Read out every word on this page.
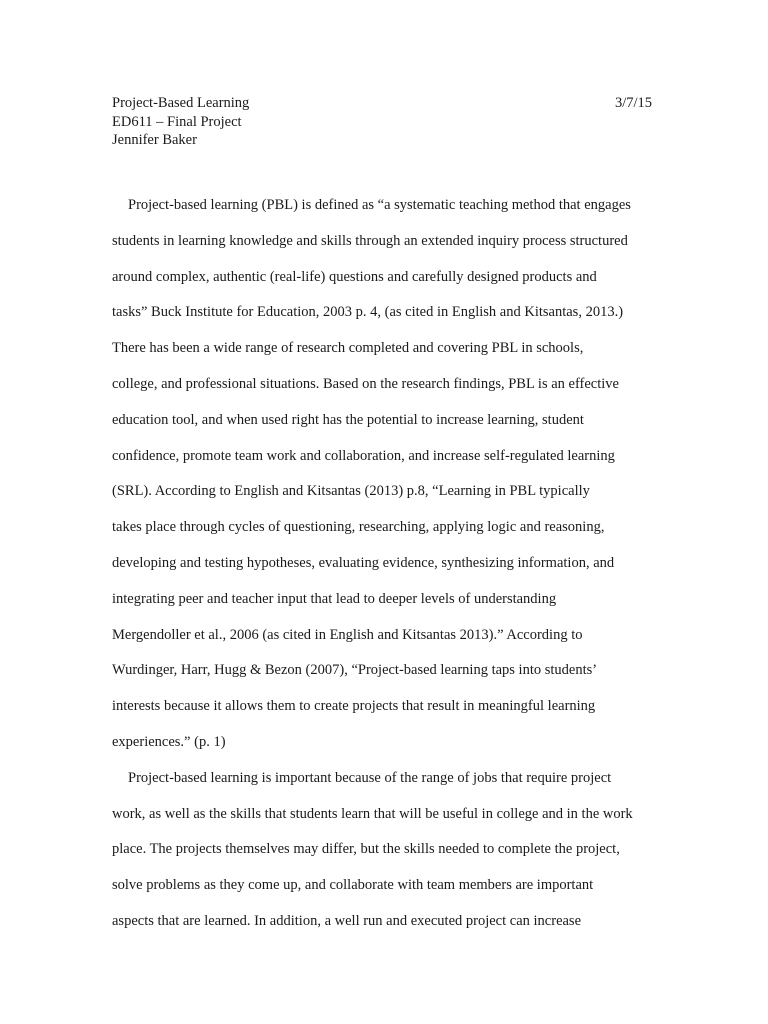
Project-Based Learning	3/7/15
ED611 – Final Project
Jennifer Baker
Project-based learning (PBL) is defined as “a systematic teaching method that engages
students in learning knowledge and skills through an extended inquiry process structured
around complex, authentic (real-life) questions and carefully designed products and
tasks” Buck Institute for Education, 2003 p. 4, (as cited in English and Kitsantas, 2013.)
There has been a wide range of research completed and covering PBL in schools,
college, and professional situations. Based on the research findings, PBL is an effective
education tool, and when used right has the potential to increase learning, student
confidence, promote team work and collaboration, and increase self-regulated learning
(SRL). According to English and Kitsantas (2013) p.8, “Learning in PBL typically
takes place through cycles of questioning, researching, applying logic and reasoning,
developing and testing hypotheses, evaluating evidence, synthesizing information, and
integrating peer and teacher input that lead to deeper levels of understanding
Mergendoller et al., 2006 (as cited in English and Kitsantas 2013).” According to
Wurdinger, Harr, Hugg & Bezon (2007), “Project-based learning taps into students’
interests because it allows them to create projects that result in meaningful learning
experiences.” (p. 1)
Project-based learning is important because of the range of jobs that require project
work, as well as the skills that students learn that will be useful in college and in the work
place. The projects themselves may differ, but the skills needed to complete the project,
solve problems as they come up, and collaborate with team members are important
aspects that are learned. In addition, a well run and executed project can increase
